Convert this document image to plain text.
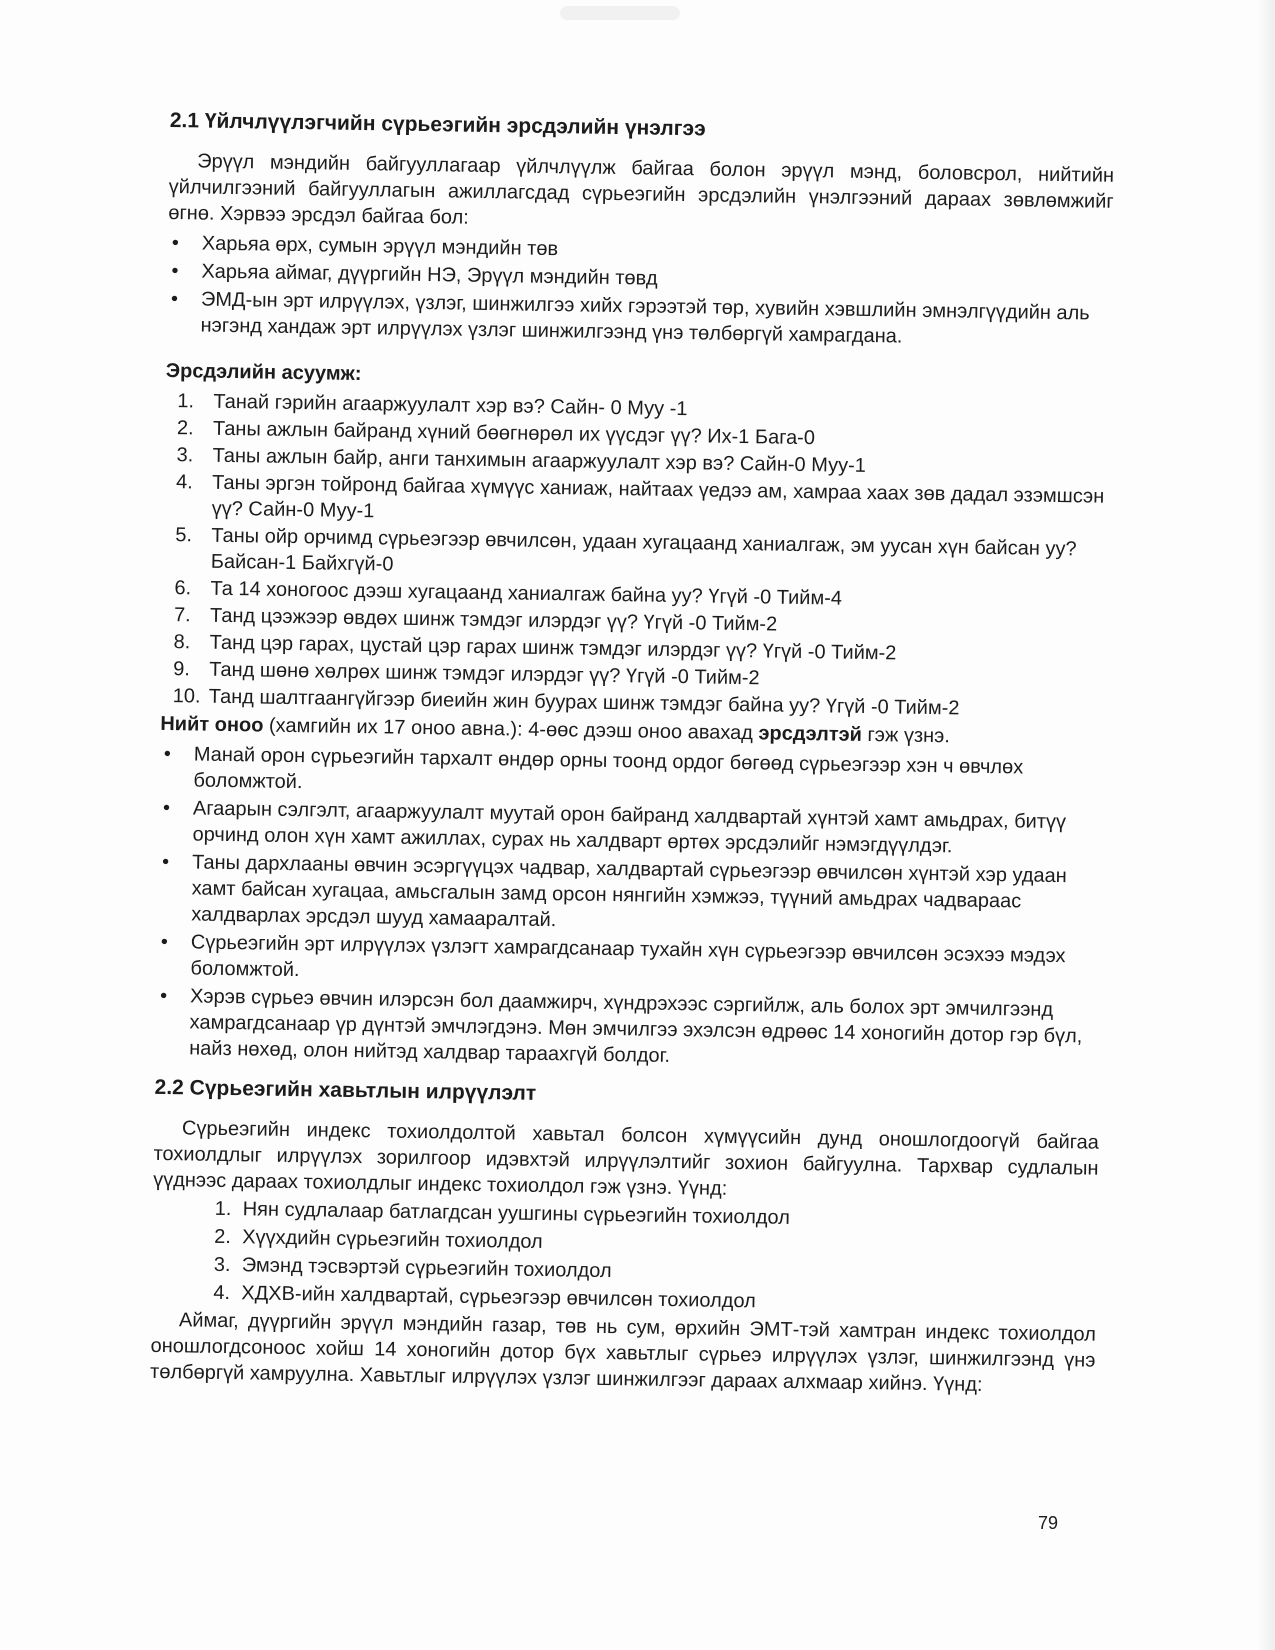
2.1 Үйлчлүүлэгчийн сүрьеэгийн эрсдэлийн үнэлгээ

Эрүүл мэндийн байгууллагаар үйлчлүүлж байгаа болон эрүүл мэнд, боловсрол, нийтийн үйлчилгээний байгууллагын ажиллагсдад сүрьеэгийн эрсдэлийн үнэлгээний дараах зөвлөмжийг өгнө. Хэрвээ эрсдэл байгаа бол:

• Харьяа өрх, сумын эрүүл мэндийн төв
• Харьяа аймаг, дүүргийн НЭ, Эрүүл мэндийн төвд
• ЭМД-ын эрт илрүүлэх, үзлэг, шинжилгээ хийх гэрээтэй төр, хувийн хэвшлийн эмнэлгүүдийн аль нэгэнд хандаж эрт илрүүлэх үзлэг шинжилгээнд үнэ төлбөргүй хамрагдана.
Эрсдэлийн асуумж:
1. Танай гэрийн агааржуулалт хэр вэ? Сайн- 0 Муу -1
2. Таны ажлын байранд хүний бөөгнөрөл их үүсдэг үү? Их-1 Бага-0
3. Таны ажлын байр, анги танхимын агааржуулалт хэр вэ? Сайн-0 Муу-1
4. Таны эргэн тойронд байгаа хүмүүс ханиаж, найтаах үедээ ам, хамраа хаах зөв дадал эзэмшсэн үү? Сайн-0 Муу-1
5. Таны ойр орчимд сүрьеэгээр өвчилсөн, удаан хугацаанд ханиалгаж, эм уусан хүн байсан уу? Байсан-1 Байхгүй-0
6. Та 14 хоногоос дээш хугацаанд ханиалгаж байна уу? Үгүй -0 Тийм-4
7. Танд цээжээр өвдөх шинж тэмдэг илэрдэг үү? Үгүй -0 Тийм-2
8. Танд цэр гарах, цустай цэр гарах шинж тэмдэг илэрдэг үү? Үгүй -0 Тийм-2
9. Танд шөнө хөлрөх шинж тэмдэг илэрдэг үү? Үгүй -0 Тийм-2
10. Танд шалтгаангүйгээр биеийн жин буурах шинж тэмдэг байна уу? Үгүй -0 Тийм-2

Нийт оноо (хамгийн их 17 оноо авна.): 4-өөс дээш оноо авахад эрсдэлтэй гэж үзнэ.

• Манай орон сүрьеэгийн тархалт өндөр орны тоонд ордог бөгөөд сүрьеэгээр хэн ч өвчлөх боломжтой.
• Агаарын сэлгэлт, агааржуулалт муутай орон байранд халдвартай хүнтэй хамт амьдрах, битүү орчинд олон хүн хамт ажиллах, сурах нь халдварт өртөх эрсдэлийг нэмэгдүүлдэг.
• Таны дархлааны өвчин эсэргүүцэх чадвар, халдвартай сүрьеэгээр өвчилсөн хүнтэй хэр удаан хамт байсан хугацаа, амьсгалын замд орсон нянгийн хэмжээ, түүний амьдрах чадвараас халдварлах эрсдэл шууд хамааралтай.
• Сүрьеэгийн эрт илрүүлэх үзлэгт хамрагдсанаар тухайн хүн сүрьеэгээр өвчилсөн эсэхээ мэдэх боломжтой.
• Хэрэв сүрьеэ өвчин илэрсэн бол даамжирч, хүндрэхээс сэргийлж, аль болох эрт эмчилгээнд хамрагдсанаар үр дүнтэй эмчлэгдэнэ. Мөн эмчилгээ эхэлсэн өдрөөс 14 хоногийн дотор гэр бүл, найз нөхөд, олон нийтэд халдвар тараахгүй болдог.
2.2 Сүрьеэгийн хавьтлын илрүүлэлт

Сүрьеэгийн индекс тохиолдолтой хавьтал болсон хүмүүсийн дунд оношлогдоогүй байгаа тохиолдлыг илрүүлэх зорилгоор идэвхтэй илрүүлэлтийг зохион байгуулна. Тархвар судлалын үүднээс дараах тохиолдлыг индекс тохиолдол гэж үзнэ. Үүнд:

1. Нян судлалаар батлагдсан уушгины сүрьеэгийн тохиолдол
2. Хүүхдийн сүрьеэгийн тохиолдол
3. Эмэнд тэсвэртэй сүрьеэгийн тохиолдол
4. ХДХВ-ийн халдвартай, сүрьеэгээр өвчилсөн тохиолдол

Аймаг, дүүргийн эрүүл мэндийн газар, төв нь сум, өрхийн ЭМТ-тэй хамтран индекс тохиолдол оношлогдсоноос хойш 14 хоногийн дотор бүх хавьтлыг сүрьеэ илрүүлэх үзлэг, шинжилгээнд үнэ төлбөргүй хамруулна. Хавьтлыг илрүүлэх үзлэг шинжилгээг дараах алхмаар хийнэ. Үүнд:

79
